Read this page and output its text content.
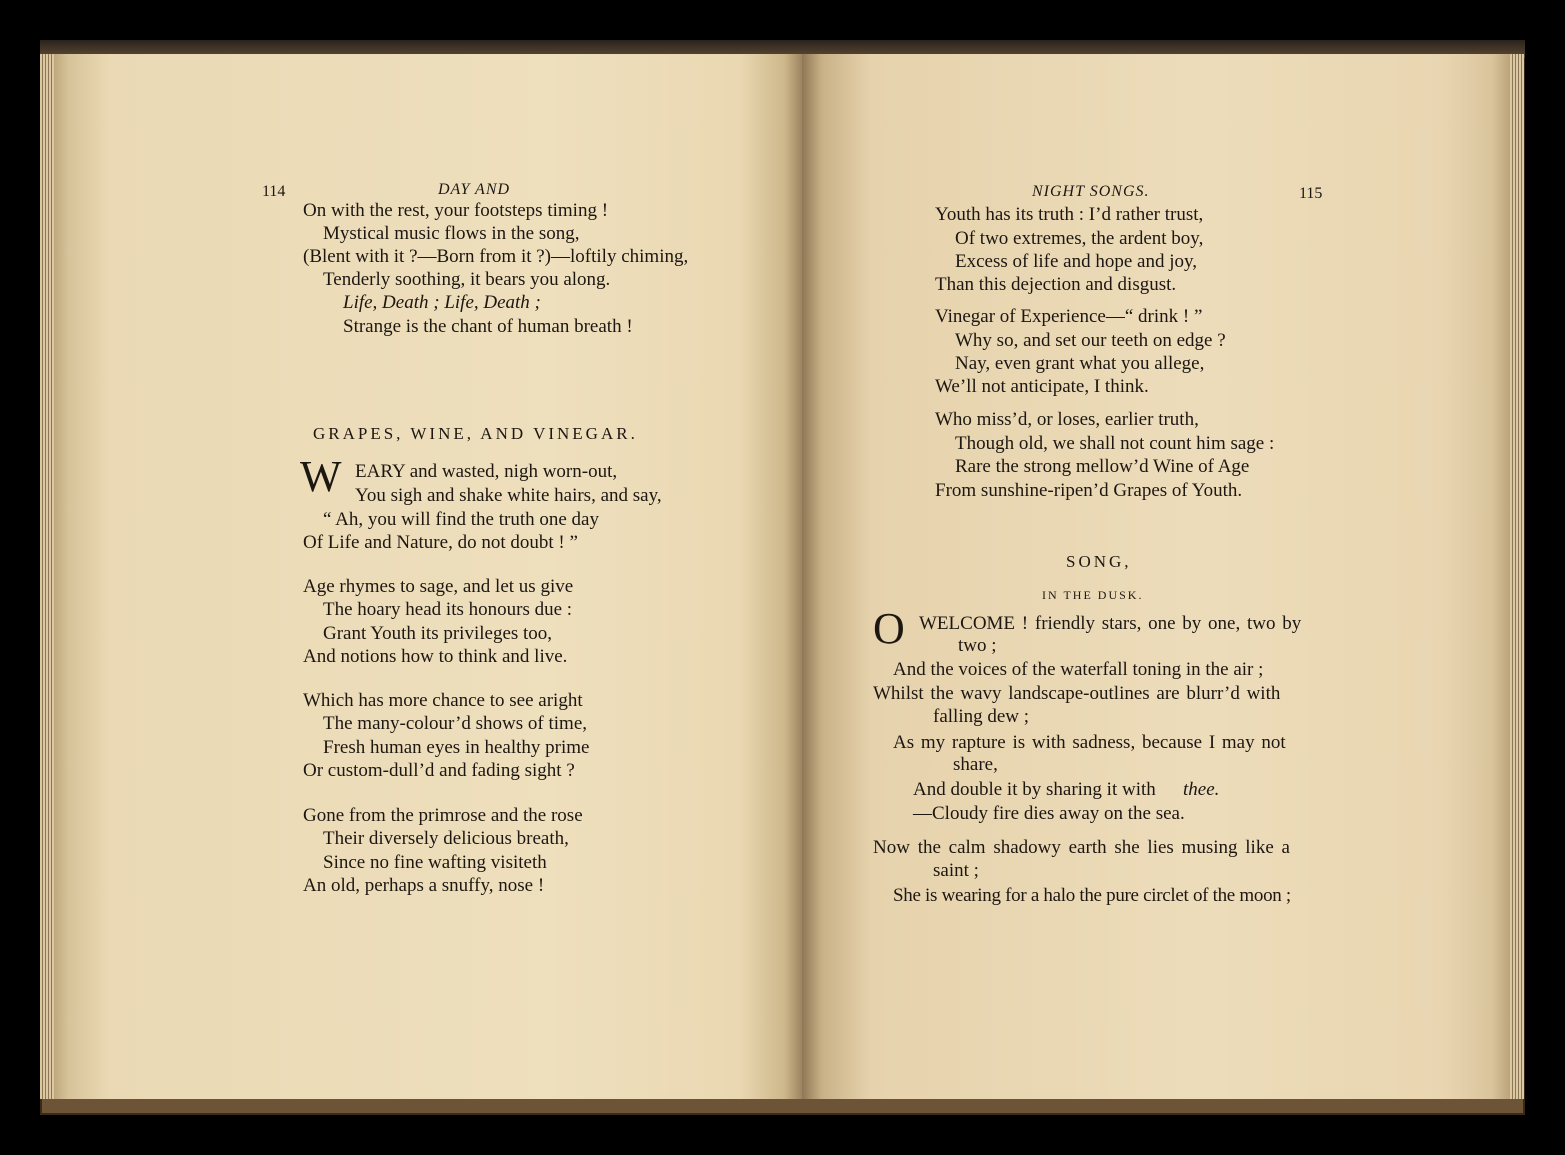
114	DAY AND
On with the rest, your footsteps timing !
Mystical music flows in the song,
(Blent with it ?—Born from it ?)—loftily chiming,
Tenderly soothing, it bears you along.
Life, Death ; Life, Death ;
Strange is the chant of human breath !
GRAPES, WINE, AND VINEGAR.
W EARY and wasted, nigh worn-out,
You sigh and shake white hairs, and say,
“ Ah, you will find the truth one day
Of Life and Nature, do not doubt ! ”
Age rhymes to sage, and let us give
The hoary head its honours due :
Grant Youth its privileges too,
And notions how to think and live.
Which has more chance to see aright
The many-colour’d shows of time,
Fresh human eyes in healthy prime
Or custom-dull’d and fading sight ?
Gone from the primrose and the rose
Their diversely delicious breath,
Since no fine wafting visiteth
An old, perhaps a snuffy, nose !
NIGHT SONGS.	115
Youth has its truth : I’d rather trust,
Of two extremes, the ardent boy,
Excess of life and hope and joy,
Than this dejection and disgust.
Vinegar of Experience—“ drink ! ”
Why so, and set our teeth on edge ?
Nay, even grant what you allege,
We’ll not anticipate, I think.
Who miss’d, or loses, earlier truth,
Though old, we shall not count him sage :
Rare the strong mellow’d Wine of Age
From sunshine-ripen’d Grapes of Youth.
SONG,
IN THE DUSK.
O WELCOME ! friendly stars, one by one, two by
two ;
And the voices of the waterfall toning in the air ;
Whilst the wavy landscape-outlines are blurr’d with
falling dew ;
As my rapture is with sadness, because I may not
share,
And double it by sharing it with thee.
—Cloudy fire dies away on the sea.
Now the calm shadowy earth she lies musing like a
saint ;
She is wearing for a halo the pure circlet of the moon ;
